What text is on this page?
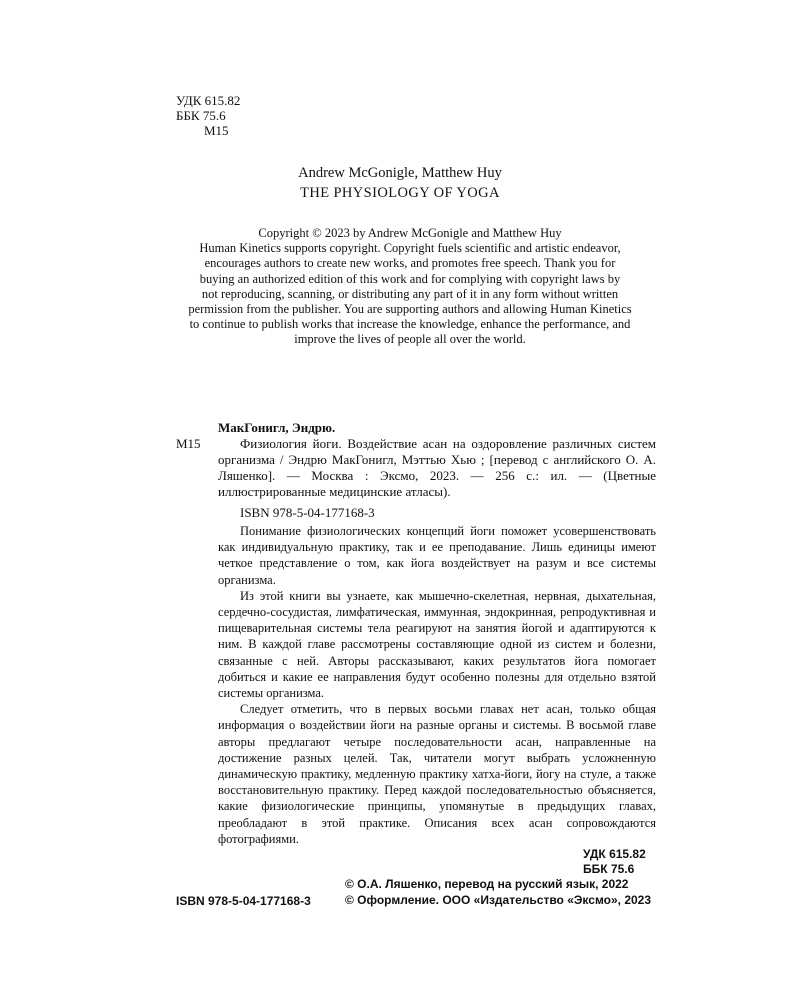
УДК 615.82
ББК 75.6
М15
Andrew McGonigle, Matthew Huy
THE PHYSIOLOGY OF YOGA
Copyright © 2023 by Andrew McGonigle and Matthew Huy
Human Kinetics supports copyright. Copyright fuels scientific and artistic endeavor,
encourages authors to create new works, and promotes free speech. Thank you for
buying an authorized edition of this work and for complying with copyright laws by
not reproducing, scanning, or distributing any part of it in any form without written
permission from the publisher. You are supporting authors and allowing Human Kinetics
to continue to publish works that increase the knowledge, enhance the performance, and
improve the lives of people all over the world.
МакГонигл, Эндрю.
М15	Физиология йоги. Воздействие асан на оздоровление различных систем организма / Эндрю МакГонигл, Мэттью Хью ; [перевод с английского О. А. Ляшенко]. — Москва : Эксмо, 2023. — 256 с.: ил. — (Цветные иллюстрированные медицинские атласы).
ISBN 978-5-04-177168-3

Понимание физиологических концепций йоги поможет усовершенствовать как индивидуальную практику, так и ее преподавание. Лишь единицы имеют четкое представление о том, как йога воздействует на разум и все системы организма.

Из этой книги вы узнаете, как мышечно-скелетная, нервная, дыхательная, сердечно-сосудистая, лимфатическая, иммунная, эндокринная, репродуктивная и пищеварительная системы тела реагируют на занятия йогой и адаптируются к ним. В каждой главе рассмотрены составляющие одной из систем и болезни, связанные с ней. Авторы рассказывают, каких результатов йога помогает добиться и какие ее направления будут особенно полезны для отдельно взятой системы организма.

Следует отметить, что в первых восьми главах нет асан, только общая информация о воздействии йоги на разные органы и системы. В восьмой главе авторы предлагают четыре последовательности асан, направленные на достижение разных целей. Так, читатели могут выбрать усложненную динамическую практику, медленную практику хатха-йоги, йогу на стуле, а также восстановительную практику. Перед каждой последовательностью объясняется, какие физиологические принципы, упомянутые в предыдущих главах, преобладают в этой практике. Описания всех асан сопровождаются фотографиями.

УДК 615.82
ББК 75.6
© О.А. Ляшенко, перевод на русский язык, 2022
© Оформление. ООО «Издательство «Эксмо», 2023
ISBN 978-5-04-177168-3
